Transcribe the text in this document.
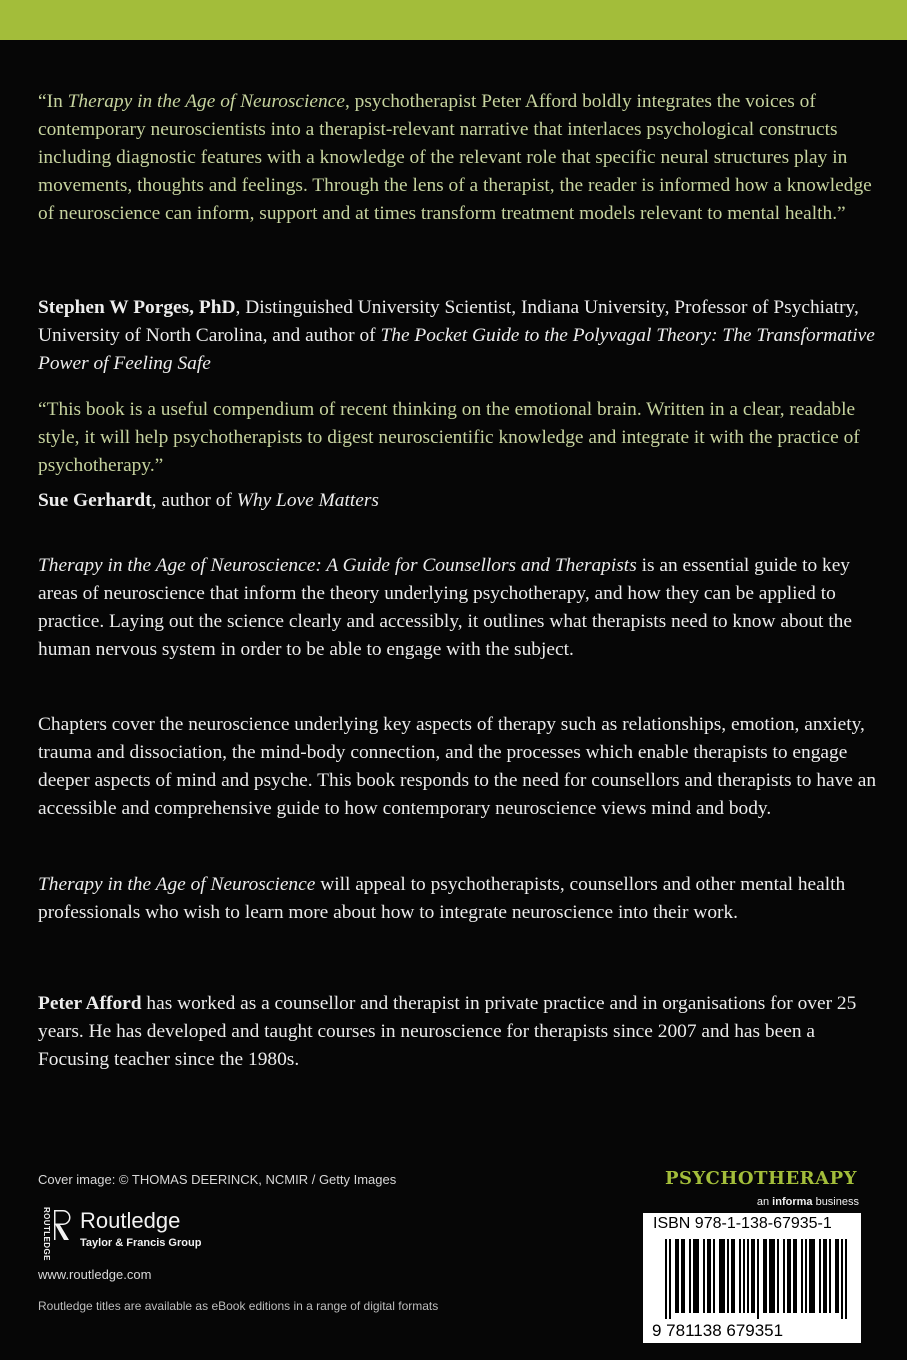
“In Therapy in the Age of Neuroscience, psychotherapist Peter Afford boldly integrates the voices of contemporary neuroscientists into a therapist-relevant narrative that interlaces psychological constructs including diagnostic features with a knowledge of the relevant role that specific neural structures play in movements, thoughts and feelings. Through the lens of a therapist, the reader is informed how a knowledge of neuroscience can inform, support and at times transform treatment models relevant to mental health.”

Stephen W Porges, PhD, Distinguished University Scientist, Indiana University, Professor of Psychiatry, University of North Carolina, and author of The Pocket Guide to the Polyvagal Theory: The Transformative Power of Feeling Safe

“This book is a useful compendium of recent thinking on the emotional brain. Written in a clear, readable style, it will help psychotherapists to digest neuroscientific knowledge and integrate it with the practice of psychotherapy.”

Sue Gerhardt, author of Why Love Matters

Therapy in the Age of Neuroscience: A Guide for Counsellors and Therapists is an essential guide to key areas of neuroscience that inform the theory underlying psychotherapy, and how they can be applied to practice. Laying out the science clearly and accessibly, it outlines what therapists need to know about the human nervous system in order to be able to engage with the subject.

Chapters cover the neuroscience underlying key aspects of therapy such as relationships, emotion, anxiety, trauma and dissociation, the mind-body connection, and the processes which enable therapists to engage deeper aspects of mind and psyche. This book responds to the need for counsellors and therapists to have an accessible and comprehensive guide to how contemporary neuroscience views mind and body.

Therapy in the Age of Neuroscience will appeal to psychotherapists, counsellors and other mental health professionals who wish to learn more about how to integrate neuroscience into their work.

Peter Afford has worked as a counsellor and therapist in private practice and in organisations for over 25 years. He has developed and taught courses in neuroscience for therapists since 2007 and has been a Focusing teacher since the 1980s.

Cover image: © THOMAS DEERINCK, NCMIR / Getty Images

ROUTLEDGE Routledge
Taylor & Francis Group

www.routledge.com

Routledge titles are available as eBook editions in a range of digital formats

PSYCHOTHERAPY
an informa business
ISBN 978-1-138-67935-1
9 781138 679351
